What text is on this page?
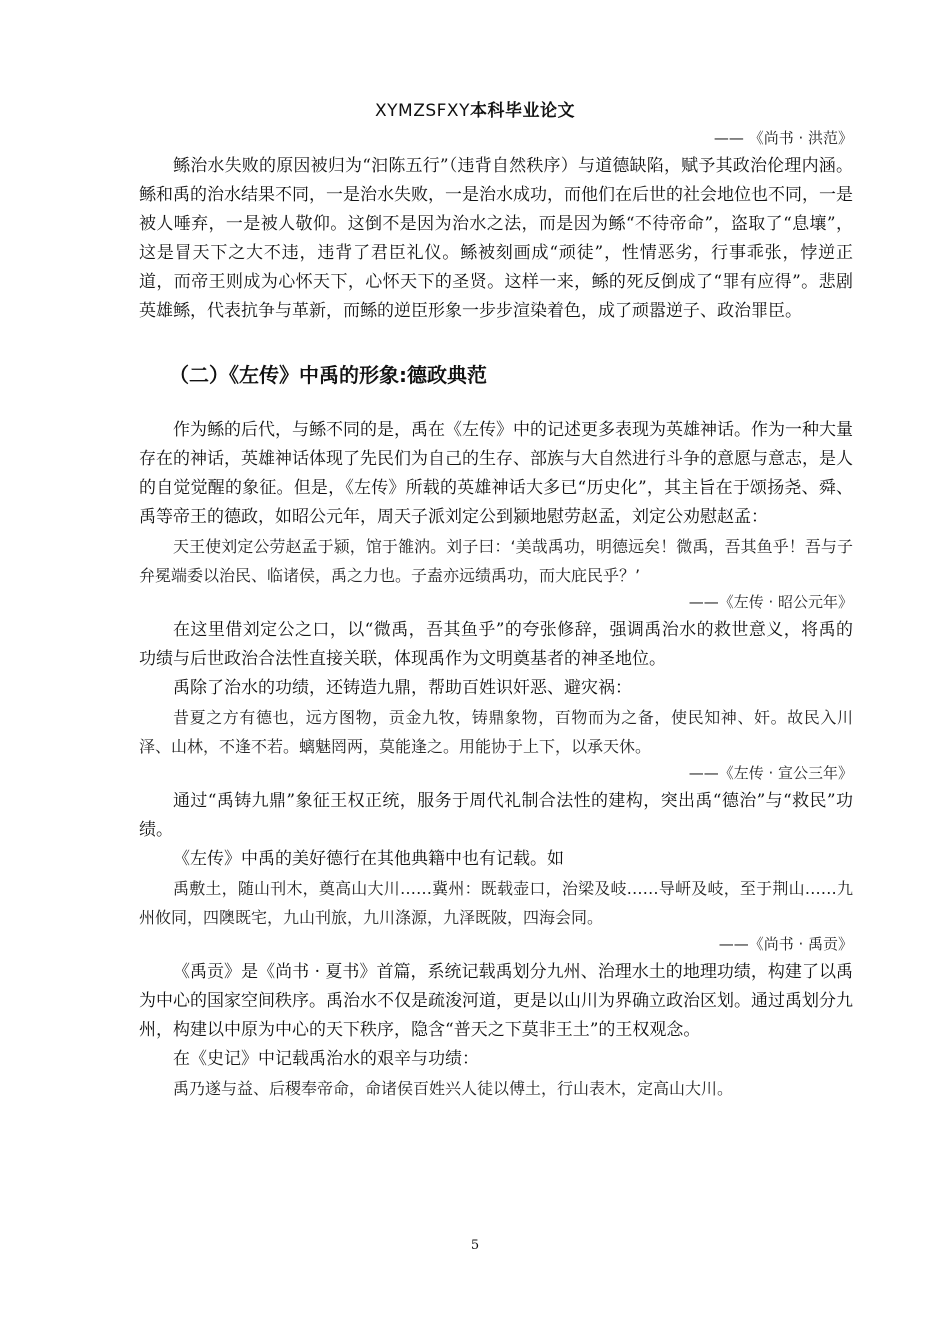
XYMZSFXY本科毕业论文
—— 《尚书 · 洪范》

鲧治水失败的原因被归为“汩陈五行”（违背自然秩序）与道德缺陷，赋予其政治伦理内涵。鲧和禹的治水结果不同，一是治水失败，一是治水成功，而他们在后世的社会地位也不同，一是被人唾弃，一是被人敬仰。这倒不是因为治水之法，而是因为鲧“不待帝命”，盗取了“息壤”，这是冒天下之大不违，违背了君臣礼仪。鲧被刻画成“顽徒”，性情恶劣，行事乖张，悖逆正道，而帝王则成为心怀天下，心怀天下的圣贤。这样一来，鲧的死反倒成了“罪有应得”。悲剧英雄鲧，代表抗争与革新，而鲧的逆臣形象一步步渲染着色，成了顽嚣逆子、政治罪臣。

（二）《左传》中禹的形象:德政典范

作为鲧的后代，与鲧不同的是，禹在《左传》中的记述更多表现为英雄神话。作为一种大量存在的神话，英雄神话体现了先民们为自己的生存、部族与大自然进行斗争的意愿与意志，是人的自觉觉醒的象征。但是，《左传》所载的英雄神话大多已“历史化”，其主旨在于颂扬尧、舜、禹等帝王的德政，如昭公元年，周天子派刘定公到颍地慰劳赵孟，刘定公劝慰赵孟：

天王使刘定公劳赵孟于颍，馆于雒汭。刘子曰：‘美哉禹功，明德远矣！微禹，吾其鱼乎！吾与子弁冕端委以治民、临诸侯，禹之力也。子盍亦远绩禹功，而大庇民乎？’

——《左传 · 昭公元年》

在这里借刘定公之口，以“微禹，吾其鱼乎”的夸张修辞，强调禹治水的救世意义，将禹的功绩与后世政治合法性直接关联，体现禹作为文明奠基者的神圣地位。

禹除了治水的功绩，还铸造九鼎，帮助百姓识奸恶、避灾祸：

昔夏之方有德也，远方图物，贡金九牧，铸鼎象物，百物而为之备，使民知神、奸。故民入川泽、山林，不逢不若。螭魅罔两，莫能逢之。用能协于上下，以承天休。

——《左传 · 宣公三年》

通过“禹铸九鼎”象征王权正统，服务于周代礼制合法性的建构，突出禹“德治”与“救民”功绩。

《左传》中禹的美好德行在其他典籍中也有记载。如

禹敷土，随山刊木，奠高山大川……冀州：既载壶口，治梁及岐……导岍及岐，至于荆山……九州攸同，四隩既宅，九山刊旅，九川涤源，九泽既陂，四海会同。

——《尚书 · 禹贡》

《禹贡》是《尚书 · 夏书》首篇，系统记载禹划分九州、治理水土的地理功绩，构建了以禹为中心的国家空间秩序。禹治水不仅是疏浚河道，更是以山川为界确立政治区划。通过禹划分九州，构建以中原为中心的天下秩序，隐含“普天之下莫非王土”的王权观念。

在《史记》中记载禹治水的艰辛与功绩：

禹乃遂与益、后稷奉帝命，命诸侯百姓兴人徒以傅土，行山表木，定高山大川。

5
